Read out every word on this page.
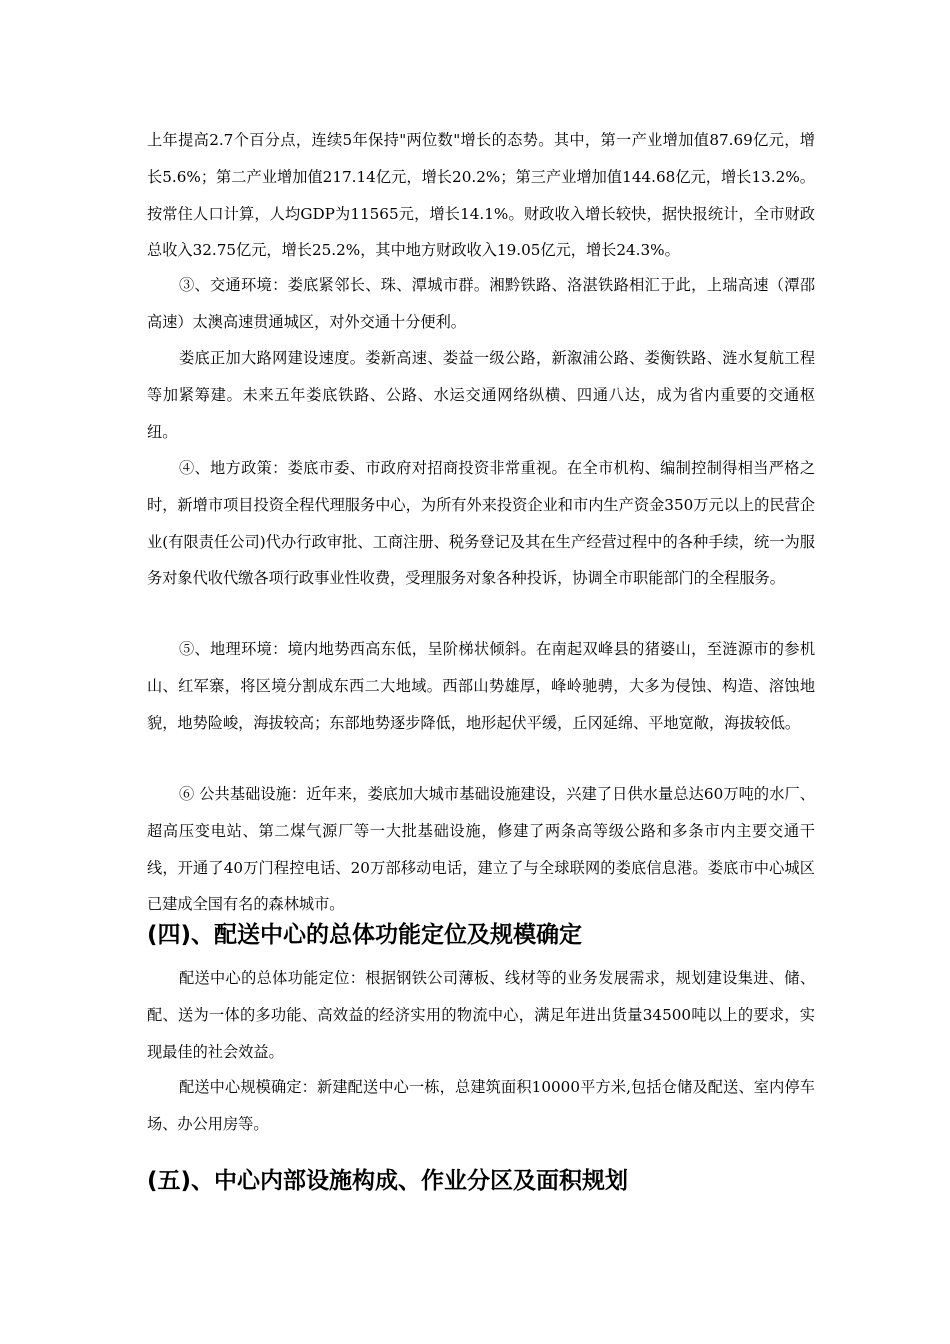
上年提高2.7个百分点，连续5年保持"两位数"增长的态势。其中，第一产业增加值87.69亿元，增长5.6%；第二产业增加值217.14亿元，增长20.2%；第三产业增加值144.68亿元，增长13.2%。按常住人口计算，人均GDP为11565元，增长14.1%。财政收入增长较快，据快报统计，全市财政总收入32.75亿元，增长25.2%，其中地方财政收入19.05亿元，增长24.3%。

③、交通环境：娄底紧邻长、珠、潭城市群。湘黔铁路、洛湛铁路相汇于此，上瑞高速（潭邵高速）太澳高速贯通城区，对外交通十分便利。

娄底正加大路网建设速度。娄新高速、娄益一级公路，新溆浦公路、娄衡铁路、涟水复航工程等加紧筹建。未来五年娄底铁路、公路、水运交通网络纵横、四通八达，成为省内重要的交通枢纽。

④、地方政策：娄底市委、市政府对招商投资非常重视。在全市机构、编制控制得相当严格之时，新增市项目投资全程代理服务中心，为所有外来投资企业和市内生产资金350万元以上的民营企业(有限责任公司)代办行政审批、工商注册、税务登记及其在生产经营过程中的各种手续，统一为服务对象代收代缴各项行政事业性收费，受理服务对象各种投诉，协调全市职能部门的全程服务。

⑤、地理环境：境内地势西高东低，呈阶梯状倾斜。在南起双峰县的猪婆山，至涟源市的参机山、红军寨，将区境分割成东西二大地域。西部山势雄厚，峰岭驰骋，大多为侵蚀、构造、溶蚀地貌，地势险峻，海拔较高；东部地势逐步降低，地形起伏平缓，丘冈延绵、平地宽敞，海拔较低。

⑥ 公共基础设施：近年来，娄底加大城市基础设施建设，兴建了日供水量总达60万吨的水厂、超高压变电站、第二煤气源厂等一大批基础设施，修建了两条高等级公路和多条市内主要交通干线，开通了40万门程控电话、20万部移动电话，建立了与全球联网的娄底信息港。娄底市中心城区已建成全国有名的森林城市。

(四)、配送中心的总体功能定位及规模确定

配送中心的总体功能定位：根据钢铁公司薄板、线材等的业务发展需求，规划建设集进、储、配、送为一体的多功能、高效益的经济实用的物流中心，满足年进出货量34500吨以上的要求，实现最佳的社会效益。

配送中心规模确定：新建配送中心一栋，总建筑面积10000平方米,包括仓储及配送、室内停车场、办公用房等。

(五)、中心内部设施构成、作业分区及面积规划
